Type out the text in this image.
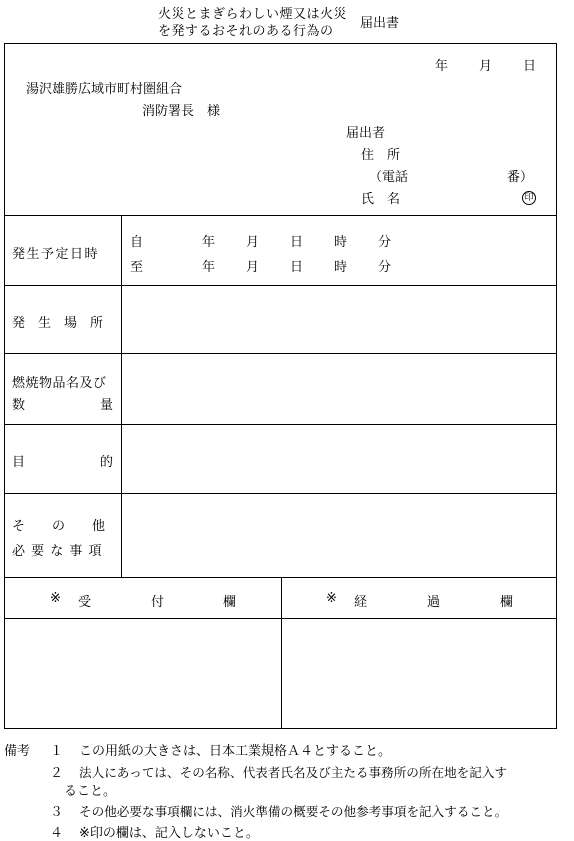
火災とまぎらわしい煙又は火災
を発するおそれのある行為の
届出書
年 月 日
湯沢雄勝広域市町村圏組合
消防署長　様
届出者
住　所
（電話	番）
氏　名	印
発生予定日時
自	年 月 日 時 分
至	年 月 日 時 分
発　生　場　所
燃焼物品名及び
数	量
目	的
そ　の　他
必 要 な 事 項
※ 受	付	欄	※ 経	過	欄
備考 １ この用紙の大きさは、日本工業規格Ａ４とすること。
２ 法人にあっては、その名称、代表者氏名及び主たる事務所の所在地を記入す
ること。
３ その他必要な事項欄には、消火準備の概要その他参考事項を記入すること。
４ ※印の欄は、記入しないこと。
